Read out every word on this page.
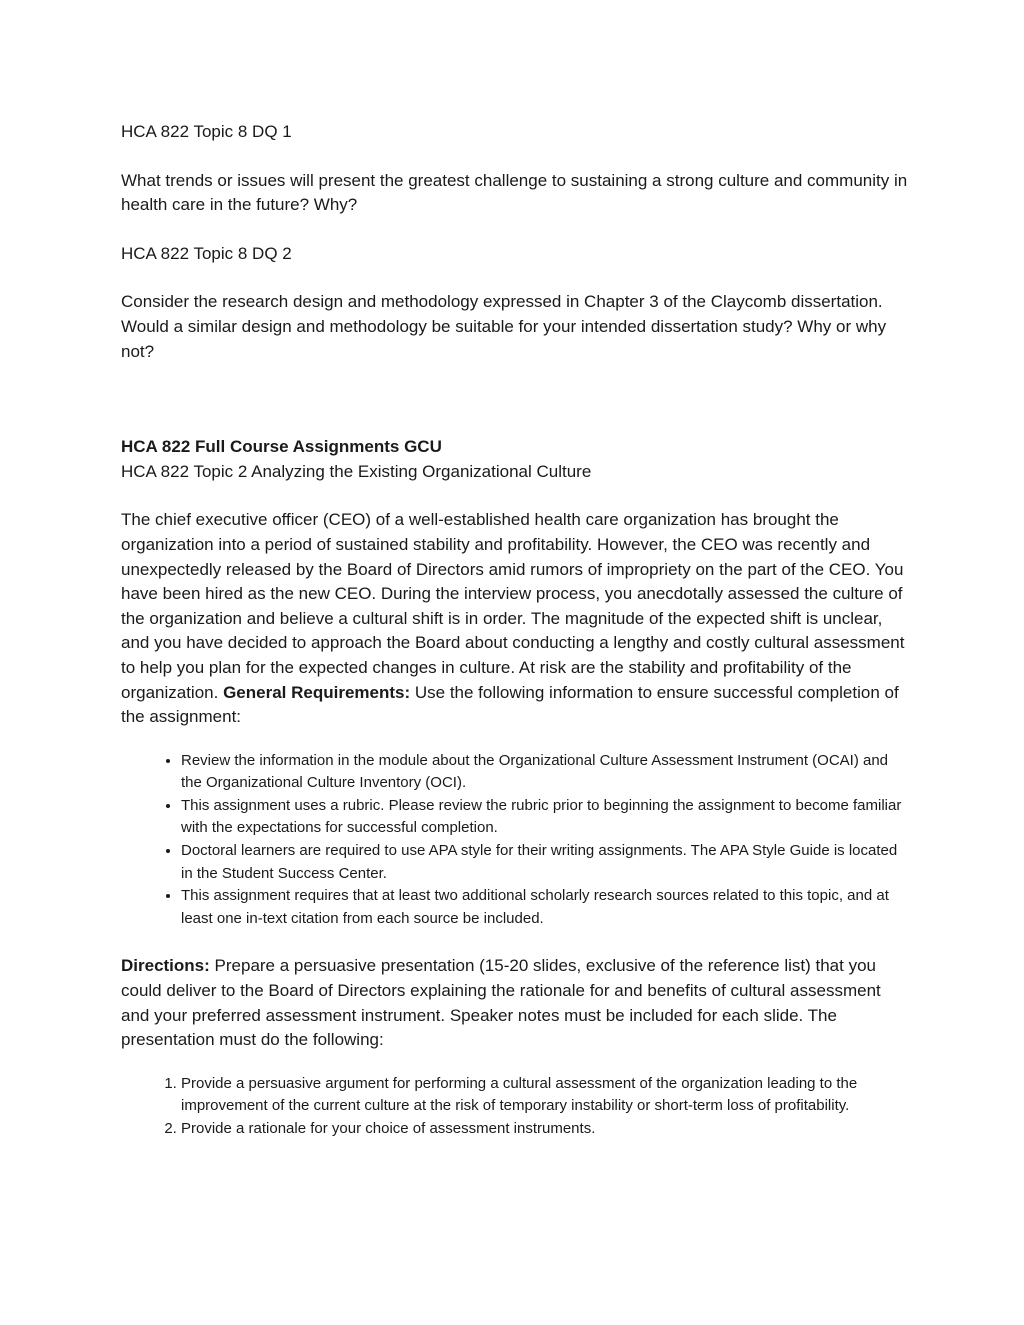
HCA 822 Topic 8 DQ 1

What trends or issues will present the greatest challenge to sustaining a strong culture and community in health care in the future? Why?

HCA 822 Topic 8 DQ 2

Consider the research design and methodology expressed in Chapter 3 of the Claycomb dissertation. Would a similar design and methodology be suitable for your intended dissertation study? Why or why not?

HCA 822 Full Course Assignments GCU

HCA 822 Topic 2 Analyzing the Existing Organizational Culture

The chief executive officer (CEO) of a well-established health care organization has brought the organization into a period of sustained stability and profitability. However, the CEO was recently and unexpectedly released by the Board of Directors amid rumors of impropriety on the part of the CEO. You have been hired as the new CEO. During the interview process, you anecdotally assessed the culture of the organization and believe a cultural shift is in order. The magnitude of the expected shift is unclear, and you have decided to approach the Board about conducting a lengthy and costly cultural assessment to help you plan for the expected changes in culture. At risk are the stability and profitability of the organization. General Requirements: Use the following information to ensure successful completion of the assignment:

• Review the information in the module about the Organizational Culture Assessment Instrument (OCAI) and the Organizational Culture Inventory (OCI).
• This assignment uses a rubric. Please review the rubric prior to beginning the assignment to become familiar with the expectations for successful completion.
• Doctoral learners are required to use APA style for their writing assignments. The APA Style Guide is located in the Student Success Center.
• This assignment requires that at least two additional scholarly research sources related to this topic, and at least one in-text citation from each source be included.

Directions: Prepare a persuasive presentation (15-20 slides, exclusive of the reference list) that you could deliver to the Board of Directors explaining the rationale for and benefits of cultural assessment and your preferred assessment instrument. Speaker notes must be included for each slide. The presentation must do the following:

1. Provide a persuasive argument for performing a cultural assessment of the organization leading to the improvement of the current culture at the risk of temporary instability or short-term loss of profitability.
2. Provide a rationale for your choice of assessment instruments.
